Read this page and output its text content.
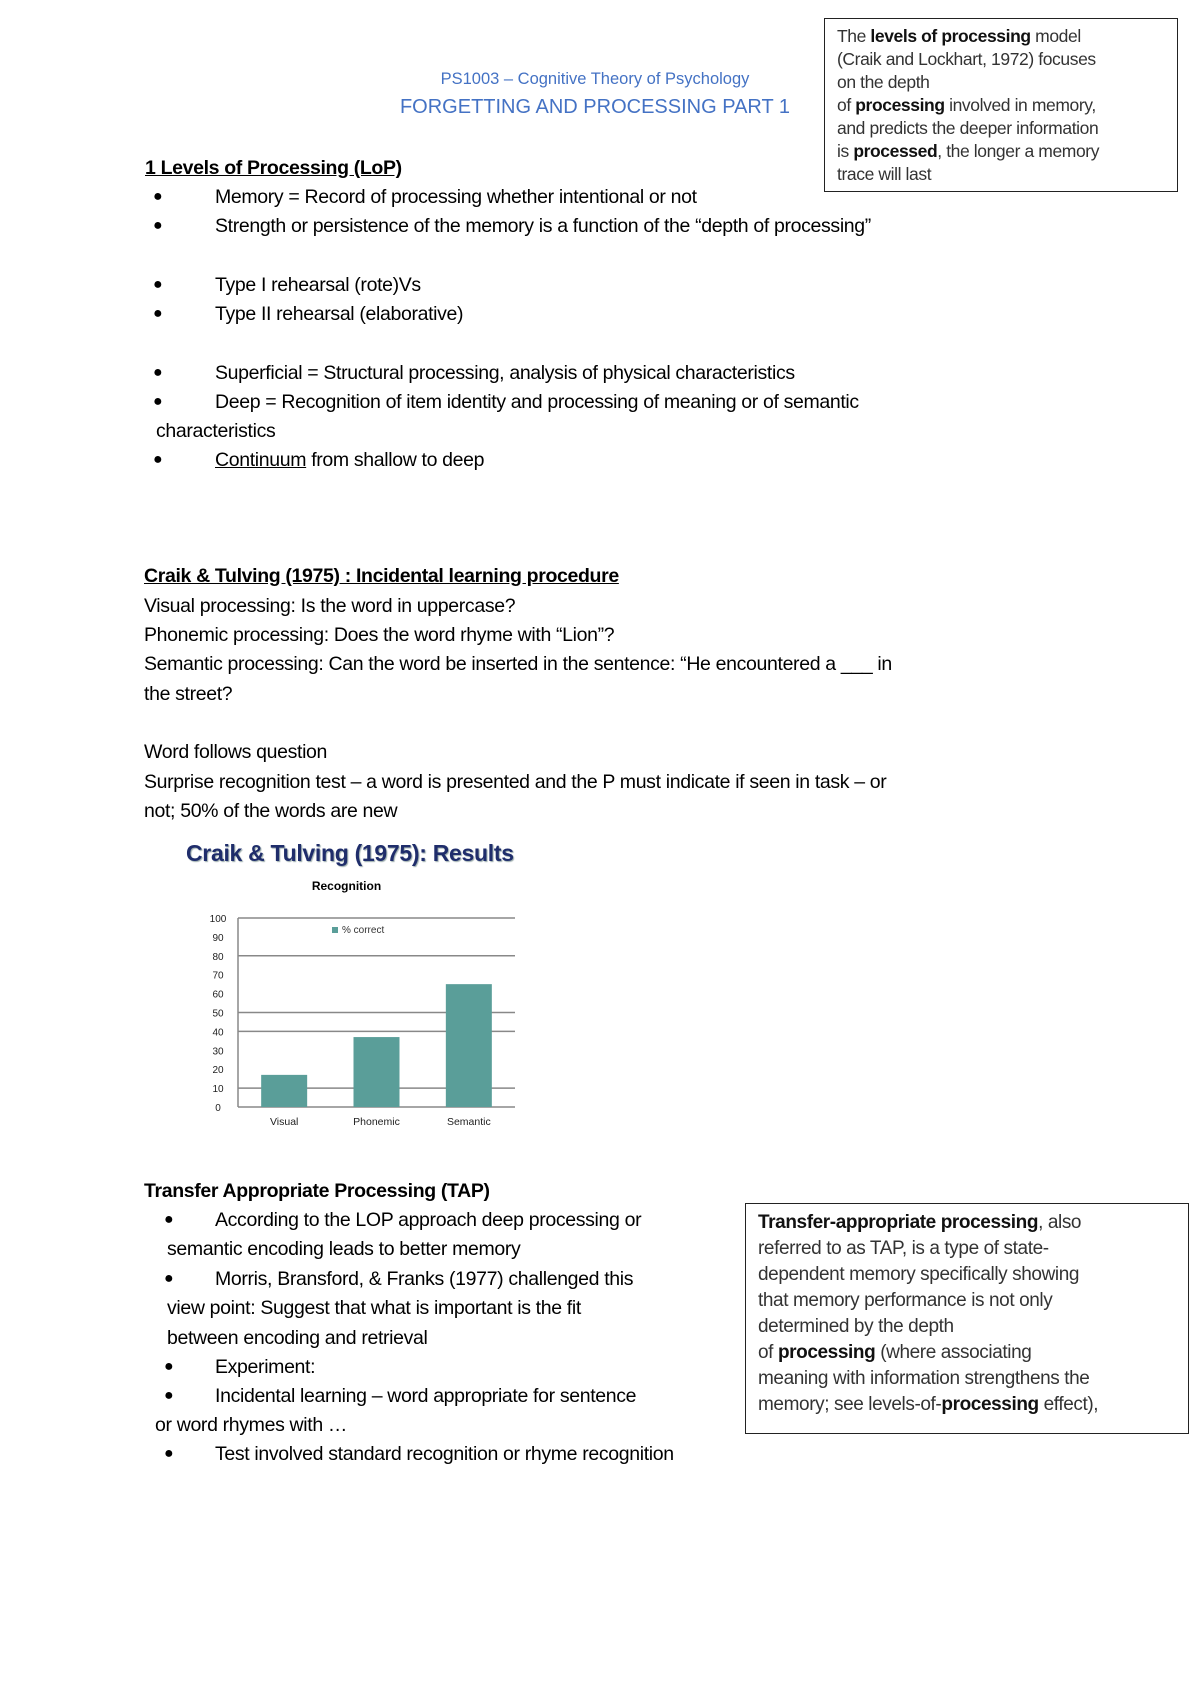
PS1003 – Cognitive Theory of Psychology
FORGETTING AND PROCESSING PART 1
1 Levels of Processing (LoP)
●	Memory = Record of processing whether intentional or not
●	Strength or persistence of the memory is a function of the “depth of processing”
●	Type I rehearsal (rote)Vs
●	Type II rehearsal (elaborative)
●	Superficial = Structural processing, analysis of physical characteristics
●	Deep = Recognition of item identity and processing of meaning or of semantic
characteristics
●	Continuum from shallow to deep
The levels of processing model
(Craik and Lockhart, 1972) focuses
on the depth
of processing involved in memory,
and predicts the deeper information
is processed, the longer a memory
trace will last
Craik & Tulving (1975) : Incidental learning procedure
Visual processing: Is the word in uppercase?
Phonemic processing: Does the word rhyme with “Lion”?
Semantic processing: Can the word be inserted in the sentence: “He encountered a ___ in
the street?
Word follows question
Surprise recognition test – a word is presented and the P must indicate if seen in task – or
not; 50% of the words are new
Craik & Tulving (1975): Results
Recognition
0
10
20
30
40
50
60
70
80
90
100
Visual	Phonemic	Semantic
% correct
Transfer Appropriate Processing (TAP)
● According to the LOP approach deep processing or
semantic encoding leads to better memory
● Morris, Bransford, & Franks (1977) challenged this
view point: Suggest that what is important is the fit
between encoding and retrieval
● Experiment:
● Incidental learning – word appropriate for sentence
or word rhymes with …
● Test involved standard recognition or rhyme recognition
Transfer-appropriate processing, also
referred to as TAP, is a type of state-
dependent memory specifically showing
that memory performance is not only
determined by the depth
of processing (where associating
meaning with information strengthens the
memory; see levels-of-processing effect),
